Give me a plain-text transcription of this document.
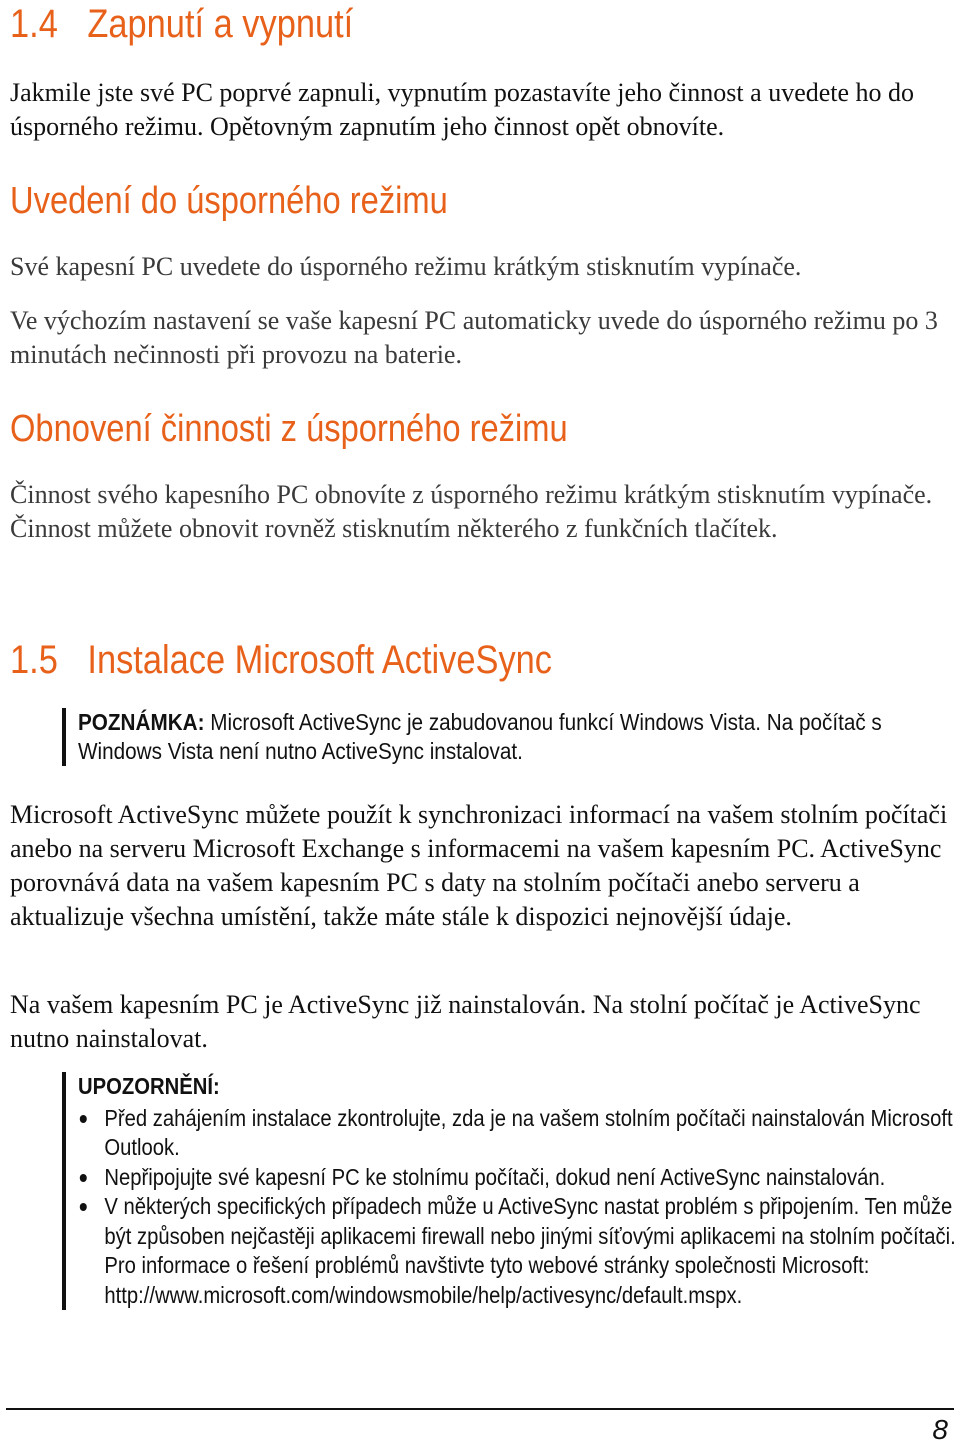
1.4 Zapnutí a vypnutí

Jakmile jste své PC poprvé zapnuli, vypnutím pozastavíte jeho činnost a uvedete ho do úsporného režimu. Opětovným zapnutím jeho činnost opět obnovíte.

Uvedení do úsporného režimu

Své kapesní PC uvedete do úsporného režimu krátkým stisknutím vypínače.

Ve výchozím nastavení se vaše kapesní PC automaticky uvede do úsporného režimu po 3 minutách nečinnosti při provozu na baterie.

Obnovení činnosti z úsporného režimu

Činnost svého kapesního PC obnovíte z úsporného režimu krátkým stisknutím vypínače. Činnost můžete obnovit rovněž stisknutím některého z funkčních tlačítek.

1.5 Instalace Microsoft ActiveSync
POZNÁMKA: Microsoft ActiveSync je zabudovanou funkcí Windows Vista. Na počítač s Windows Vista není nutno ActiveSync instalovat.

Microsoft ActiveSync můžete použít k synchronizaci informací na vašem stolním počítači anebo na serveru Microsoft Exchange s informacemi na vašem kapesním PC. ActiveSync porovnává data na vašem kapesním PC s daty na stolním počítači anebo serveru a aktualizuje všechna umístění, takže máte stále k dispozici nejnovější údaje.

Na vašem kapesním PC je ActiveSync již nainstalován. Na stolní počítač je ActiveSync nutno nainstalovat.

UPOZORNĚNÍ:

Před zahájením instalace zkontrolujte, zda je na vašem stolním počítači nainstalován Microsoft Outlook.
Nepřipojujte své kapesní PC ke stolnímu počítači, dokud není ActiveSync nainstalován.
V některých specifických případech může u ActiveSync nastat problém s připojením. Ten může být způsoben nejčastěji aplikacemi firewall nebo jinými síťovými aplikacemi na stolním počítači. Pro informace o řešení problémů navštivte tyto webové stránky společnosti Microsoft: http://www.microsoft.com/windowsmobile/help/activesync/default.mspx.
8
